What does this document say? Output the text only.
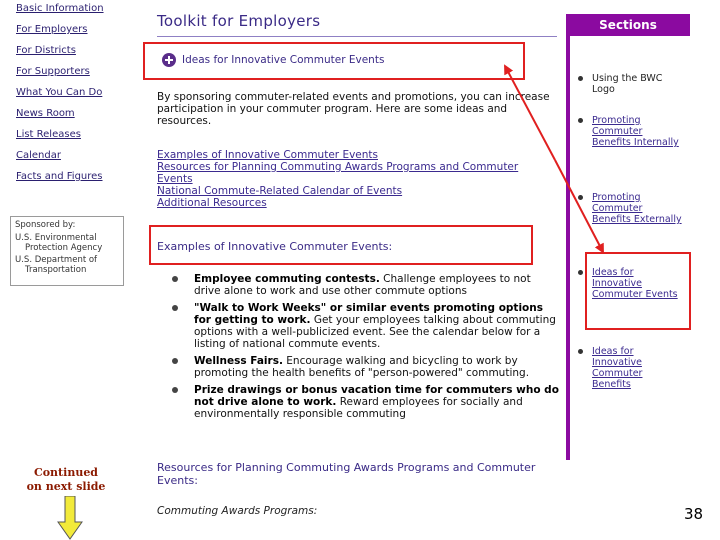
Basic Information
For Employers
For Districts
For Supporters
What You Can Do
News Room
List Releases
Calendar
Facts and Figures
Sponsored by:
U.S. Environmental
Protection Agency
U.S. Department of
Transportation
Continued
on next slide
Toolkit for Employers
Ideas for Innovative Commuter Events
By sponsoring commuter-related events and promotions, you can increase participation in your commuter program. Here are some ideas and resources.
Examples of Innovative Commuter Events
Resources for Planning Commuting Awards Programs and Commuter
Events
National Commute-Related Calendar of Events
Additional Resources
Examples of Innovative Commuter Events:
Employee commuting contests. Challenge employees to not drive alone to work and use other commute options
"Walk to Work Weeks" or similar events promoting options for getting to work. Get your employees talking about commuting options with a well-publicized event. See the calendar below for a listing of national commute events.
Wellness Fairs. Encourage walking and bicycling to work by promoting the health benefits of "person-powered" commuting.
Prize drawings or bonus vacation time for commuters who do not drive alone to work. Reward employees for socially and environmentally responsible commuting
Resources for Planning Commuting Awards Programs and Commuter Events:
Commuting Awards Programs:
Sections
Using the BWC Logo
Promoting Commuter Benefits Internally
Promoting Commuter Benefits Externally
Ideas for Innovative Commuter Events
Ideas for Innovative Commuter Benefits
38
